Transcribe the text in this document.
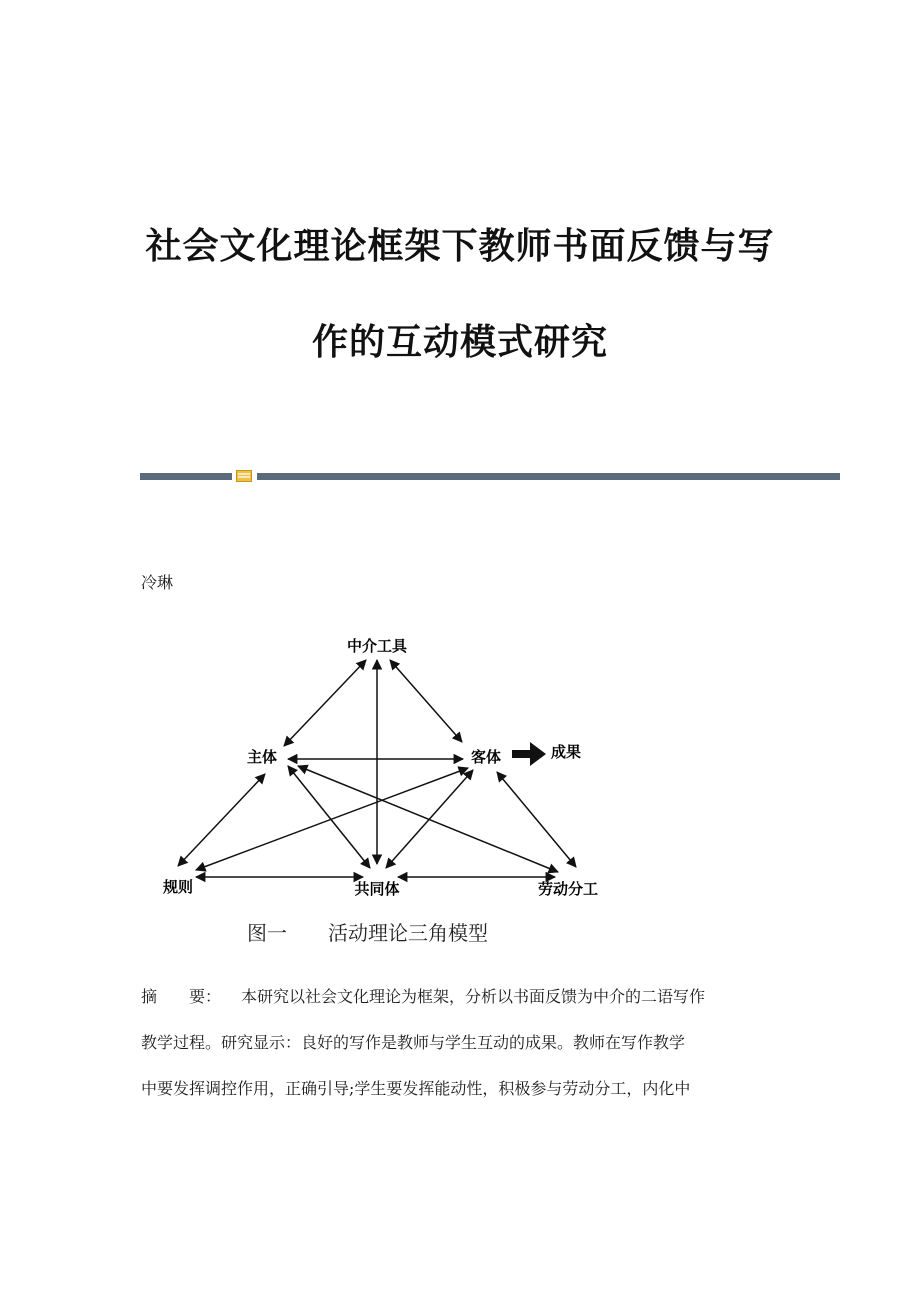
社会文化理论框架下教师书面反馈与写
作的互动模式研究
冷琳
中介工具
主体	客体	成果
规则	共同体	劳动分工
图一 活动理论三角模型

摘　　要： 本研究以社会文化理论为框架，分析以书面反馈为中介的二语写作

教学过程。研究显示：良好的写作是教师与学生互动的成果。教师在写作教学

中要发挥调控作用，正确引导;学生要发挥能动性，积极参与劳动分工，内化中
